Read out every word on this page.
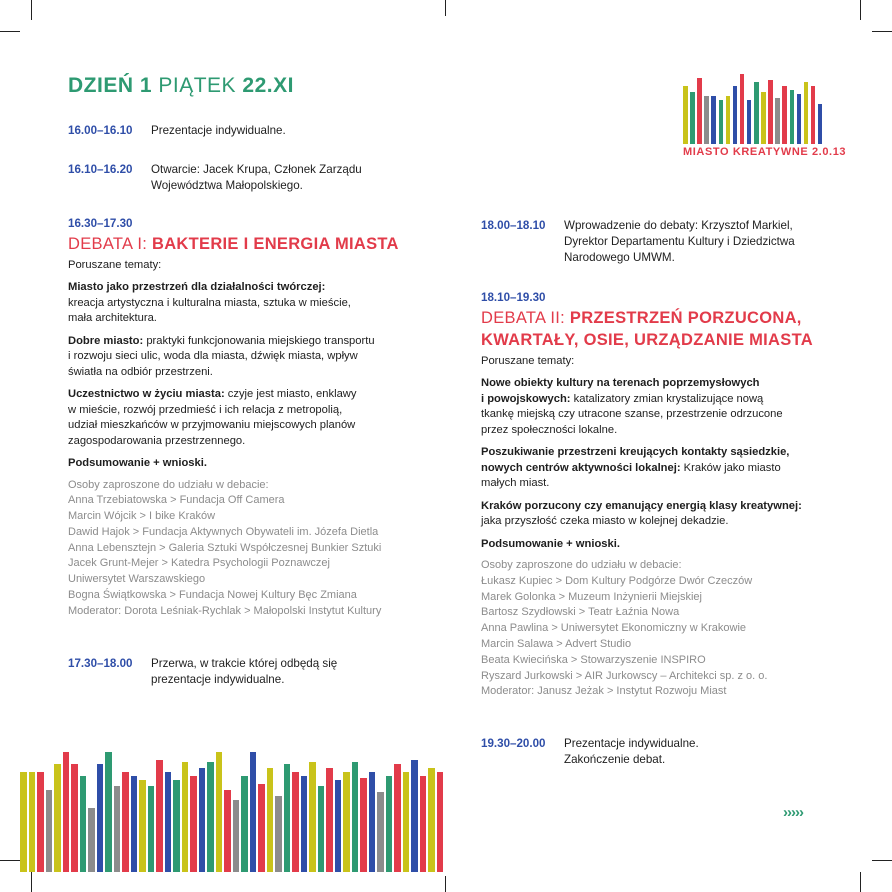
DZIEŃ 1 PIĄTEK 22.XI
16.00–16.10 Prezentacje indywidualne.
16.10–16.20 Otwarcie: Jacek Krupa, Członek Zarządu
Województwa Małopolskiego.
16.30–17.30
DEBATA I: BAKTERIE I ENERGIA MIASTA
Poruszane tematy:
Miasto jako przestrzeń dla działalności twórczej:
kreacja artystyczna i kulturalna miasta, sztuka w mieście,
mała architektura.
Dobre miasto: praktyki funkcjonowania miejskiego transportu
i rozwoju sieci ulic, woda dla miasta, dźwięk miasta, wpływ
światła na odbiór przestrzeni.
Uczestnictwo w życiu miasta: czyje jest miasto, enklawy
w mieście, rozwój przedmieść i ich relacja z metropolią,
udział mieszkańców w przyjmowaniu miejscowych planów
zagospodarowania przestrzennego.
Podsumowanie + wnioski.
Osoby zaproszone do udziału w debacie:
Anna Trzebiatowska > Fundacja Off Camera
Marcin Wójcik > I bike Kraków
Dawid Hajok > Fundacja Aktywnych Obywateli im. Józefa Dietla
Anna Lebensztejn > Galeria Sztuki Współczesnej Bunkier Sztuki
Jacek Grunt-Mejer > Katedra Psychologii Poznawczej
Uniwersytet Warszawskiego
Bogna Świątkowska > Fundacja Nowej Kultury Bęc Zmiana
Moderator: Dorota Leśniak-Rychlak > Małopolski Instytut Kultury
17.30–18.00 Przerwa, w trakcie której odbędą się
prezentacje indywidualne.
MIASTO KREATYWNE 2.0.13
18.00–18.10 Wprowadzenie do debaty: Krzysztof Markiel,
Dyrektor Departamentu Kultury i Dziedzictwa
Narodowego UMWM.
18.10–19.30
DEBATA II: PRZESTRZEŃ PORZUCONA,
KWARTAŁY, OSIE, URZĄDZANIE MIASTA
Poruszane tematy:
Nowe obiekty kultury na terenach poprzemysłowych
i powojskowych: katalizatory zmian krystalizujące nową
tkankę miejską czy utracone szanse, przestrzenie odrzucone
przez społeczności lokalne.
Poszukiwanie przestrzeni kreujących kontakty sąsiedzkie,
nowych centrów aktywności lokalnej: Kraków jako miasto
małych miast.
Kraków porzucony czy emanujący energią klasy kreatywnej:
jaka przyszłość czeka miasto w kolejnej dekadzie.
Podsumowanie + wnioski.
Osoby zaproszone do udziału w debacie:
Łukasz Kupiec > Dom Kultury Podgórze Dwór Czeczów
Marek Golonka > Muzeum Inżynierii Miejskiej
Bartosz Szydłowski > Teatr Łaźnia Nowa
Anna Pawlina > Uniwersytet Ekonomiczny w Krakowie
Marcin Salawa > Advert Studio
Beata Kwiecińska > Stowarzyszenie INSPIRO
Ryszard Jurkowski > AIR Jurkowscy – Architekci sp. z o. o.
Moderator: Janusz Jeżak > Instytut Rozwoju Miast
19.30–20.00 Prezentacje indywidualne.
Zakończenie debat.
›››››
